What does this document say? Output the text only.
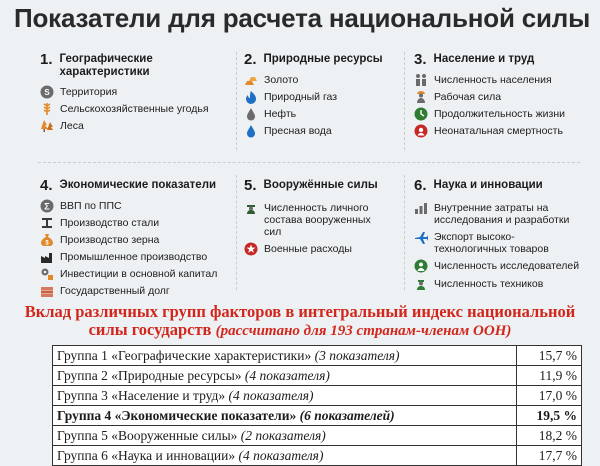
Показатели для расчета национальной силы
1. Географические характеристики
S Территория
Сельскохозяйственные угодья
Леса
2. Природные ресурсы
Золото
Природный газ
Нефть
Пресная вода
3. Население и труд
Численность населения
Рабочая сила
Продолжительность жизни
Неонатальная смертность
4. Экономические показатели
Σ ВВП по ППС
Производство стали
$ Производство зерна
Промышленное производство
Инвестиции в основной капитал
Государственный долг
5. Вооружённые силы
Численность личного состава вооруженных сил
Военные расходы
6. Наука и инновации
Внутренние затраты на исследования и разработки
Экспорт высоко-технологичных товаров
Численность исследователей
Численность техников
Вклад различных групп факторов в интегральный индекс национальной
силы государств (рассчитано для 193 странам-членам ООН)
Группа 1 «Географические характеристики» (3 показателя)	15,7 %
Группа 2 «Природные ресурсы» (4 показателя)	11,9 %
Группа 3 «Население и труд» (4 показателя)	17,0 %
Группа 4 «Экономические показатели» (6 показателей)	19,5 %
Группа 5 «Вооруженные силы» (2 показателя)	18,2 %
Группа 6 «Наука и инновации» (4 показателя)	17,7 %
